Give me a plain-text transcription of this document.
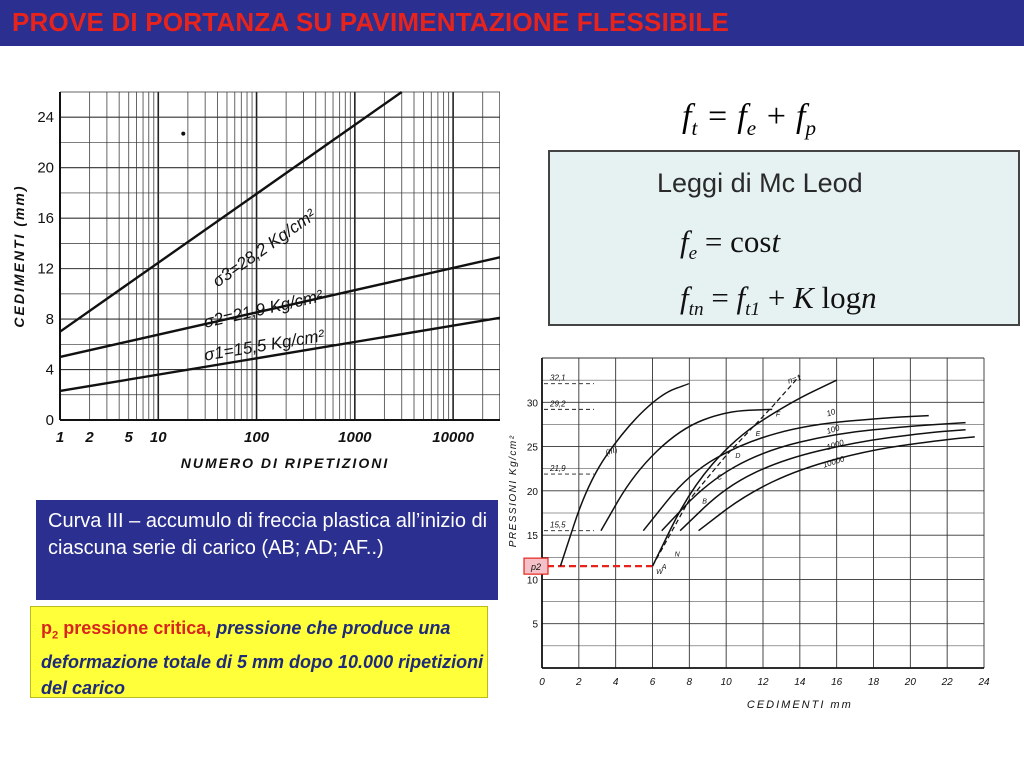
PROVE DI PORTANZA SU PAVIMENTAZIONE FLESSIBILE
0
4
8
12
16
20
24
1 2 5 10	100	1000	10000
σ3=28,2 Kg/cm²
σ2=21,9 Kg/cm²
σ1=15,5 Kg/cm²
NUMERO DI RIPETIZIONI
CEDIMENTI (mm)
$f_t = f_e + f_p$
Leggi di Mc Leod
$f_e = \cos t$
$f_{tn} = f_{t1} + K$ logn
5
10
15
20
25
30
0	2	4	6	8	10	12	14	16	18	20	22	24
32,1
29,2
21,9
15,5
p2
(III)
n=1
10
100
1000
10000
A
B
C
D
E
F
W
N
CEDIMENTI mm
PRESSIONI Kg/cm²
Curva III – accumulo di freccia plastica all’inizio di ciascuna serie di carico (AB; AD; AF..)
$p_2$ pressione critica, pressione che produce una deformazione totale di 5 mm dopo 10.000 ripetizioni del carico
